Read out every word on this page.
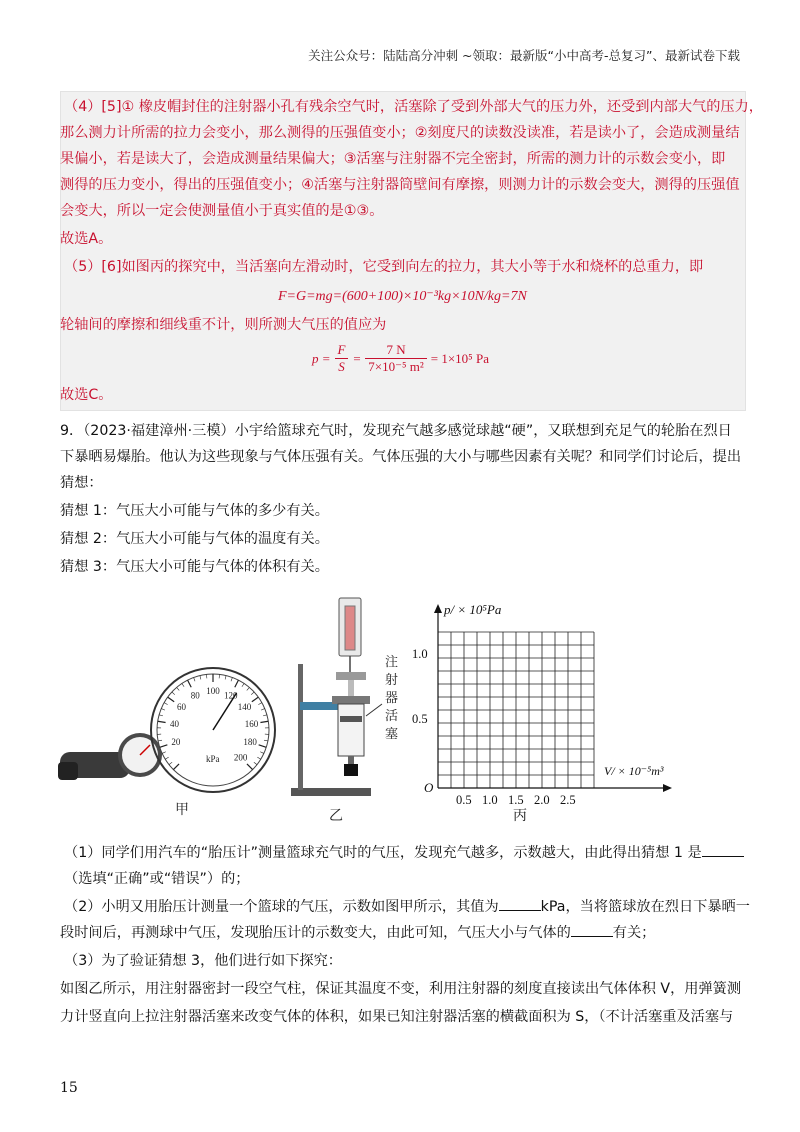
关注公众号：陆陆高分冲刺 ~领取：最新版“小中高考-总复习”、最新试卷下载
（4）[5]① 橡皮帽封住的注射器小孔有残余空气时，活塞除了受到外部大气的压力外，还受到内部大气的压力，
那么测力计所需的拉力会变小，那么测得的压强值变小；②刻度尺的读数没读准，若是读小了，会造成测量结
果偏小，若是读大了，会造成测量结果偏大；③活塞与注射器不完全密封，所需的测力计的示数会变小，即
测得的压力变小，得出的压强值变小；④活塞与注射器筒壁间有摩擦，则测力计的示数会变大，测得的压强值
会变大，所以一定会使测量值小于真实值的是①③。
故选A。
（5）[6]如图丙的探究中，当活塞向左滑动时，它受到向左的拉力，其大小等于水和烧杯的总重力，即
F=G=mg=(600+100)×10⁻³kg×10N/kg=7N
轮轴间的摩擦和细线重不计，则所测大气压的值应为
$p = \frac{F}{S} = \frac{7 N}{\text{7×10⁻⁵ m²}} = 1\times 10^5$ Pa
故选C。
9．（2023·福建漳州·三模）小宇给篮球充气时，发现充气越多感觉球越“硬”，又联想到充足气的轮胎在烈日
下暴晒易爆胎。他认为这些现象与气体压强有关。气体压强的大小与哪些因素有关呢？和同学们讨论后，提出
猜想：
猜想 1：气压大小可能与气体的多少有关。
猜想 2：气压大小可能与气体的温度有关。
猜想 3：气压大小可能与气体的体积有关。
20
40
60
80 100 120
140
160
180
200
kPa
甲
注
射
器
活
塞
乙
p/ × 10⁵Pa
V/ × 10⁻⁵m³
1.0
0.5
O
0.5 1.0 1.5 2.0 2.5
丙
（1）同学们用汽车的“胎压计”测量篮球充气时的气压，发现充气越多，示数越大，由此得出猜想 1 是
（选填“正确”或“错误”）的；
（2）小明又用胎压计测量一个篮球的气压，示数如图甲所示，其值为	kPa，当将篮球放在烈日下暴晒一
段时间后，再测球中气压，发现胎压计的示数变大，由此可知，气压大小与气体的	有关；
（3）为了验证猜想 3，他们进行如下探究：
如图乙所示，用注射器密封一段空气柱，保证其温度不变，利用注射器的刻度直接读出气体体积 V，用弹簧测
力计竖直向上拉注射器活塞来改变气体的体积，如果已知注射器活塞的横截面积为 S，（不计活塞重及活塞与
15
